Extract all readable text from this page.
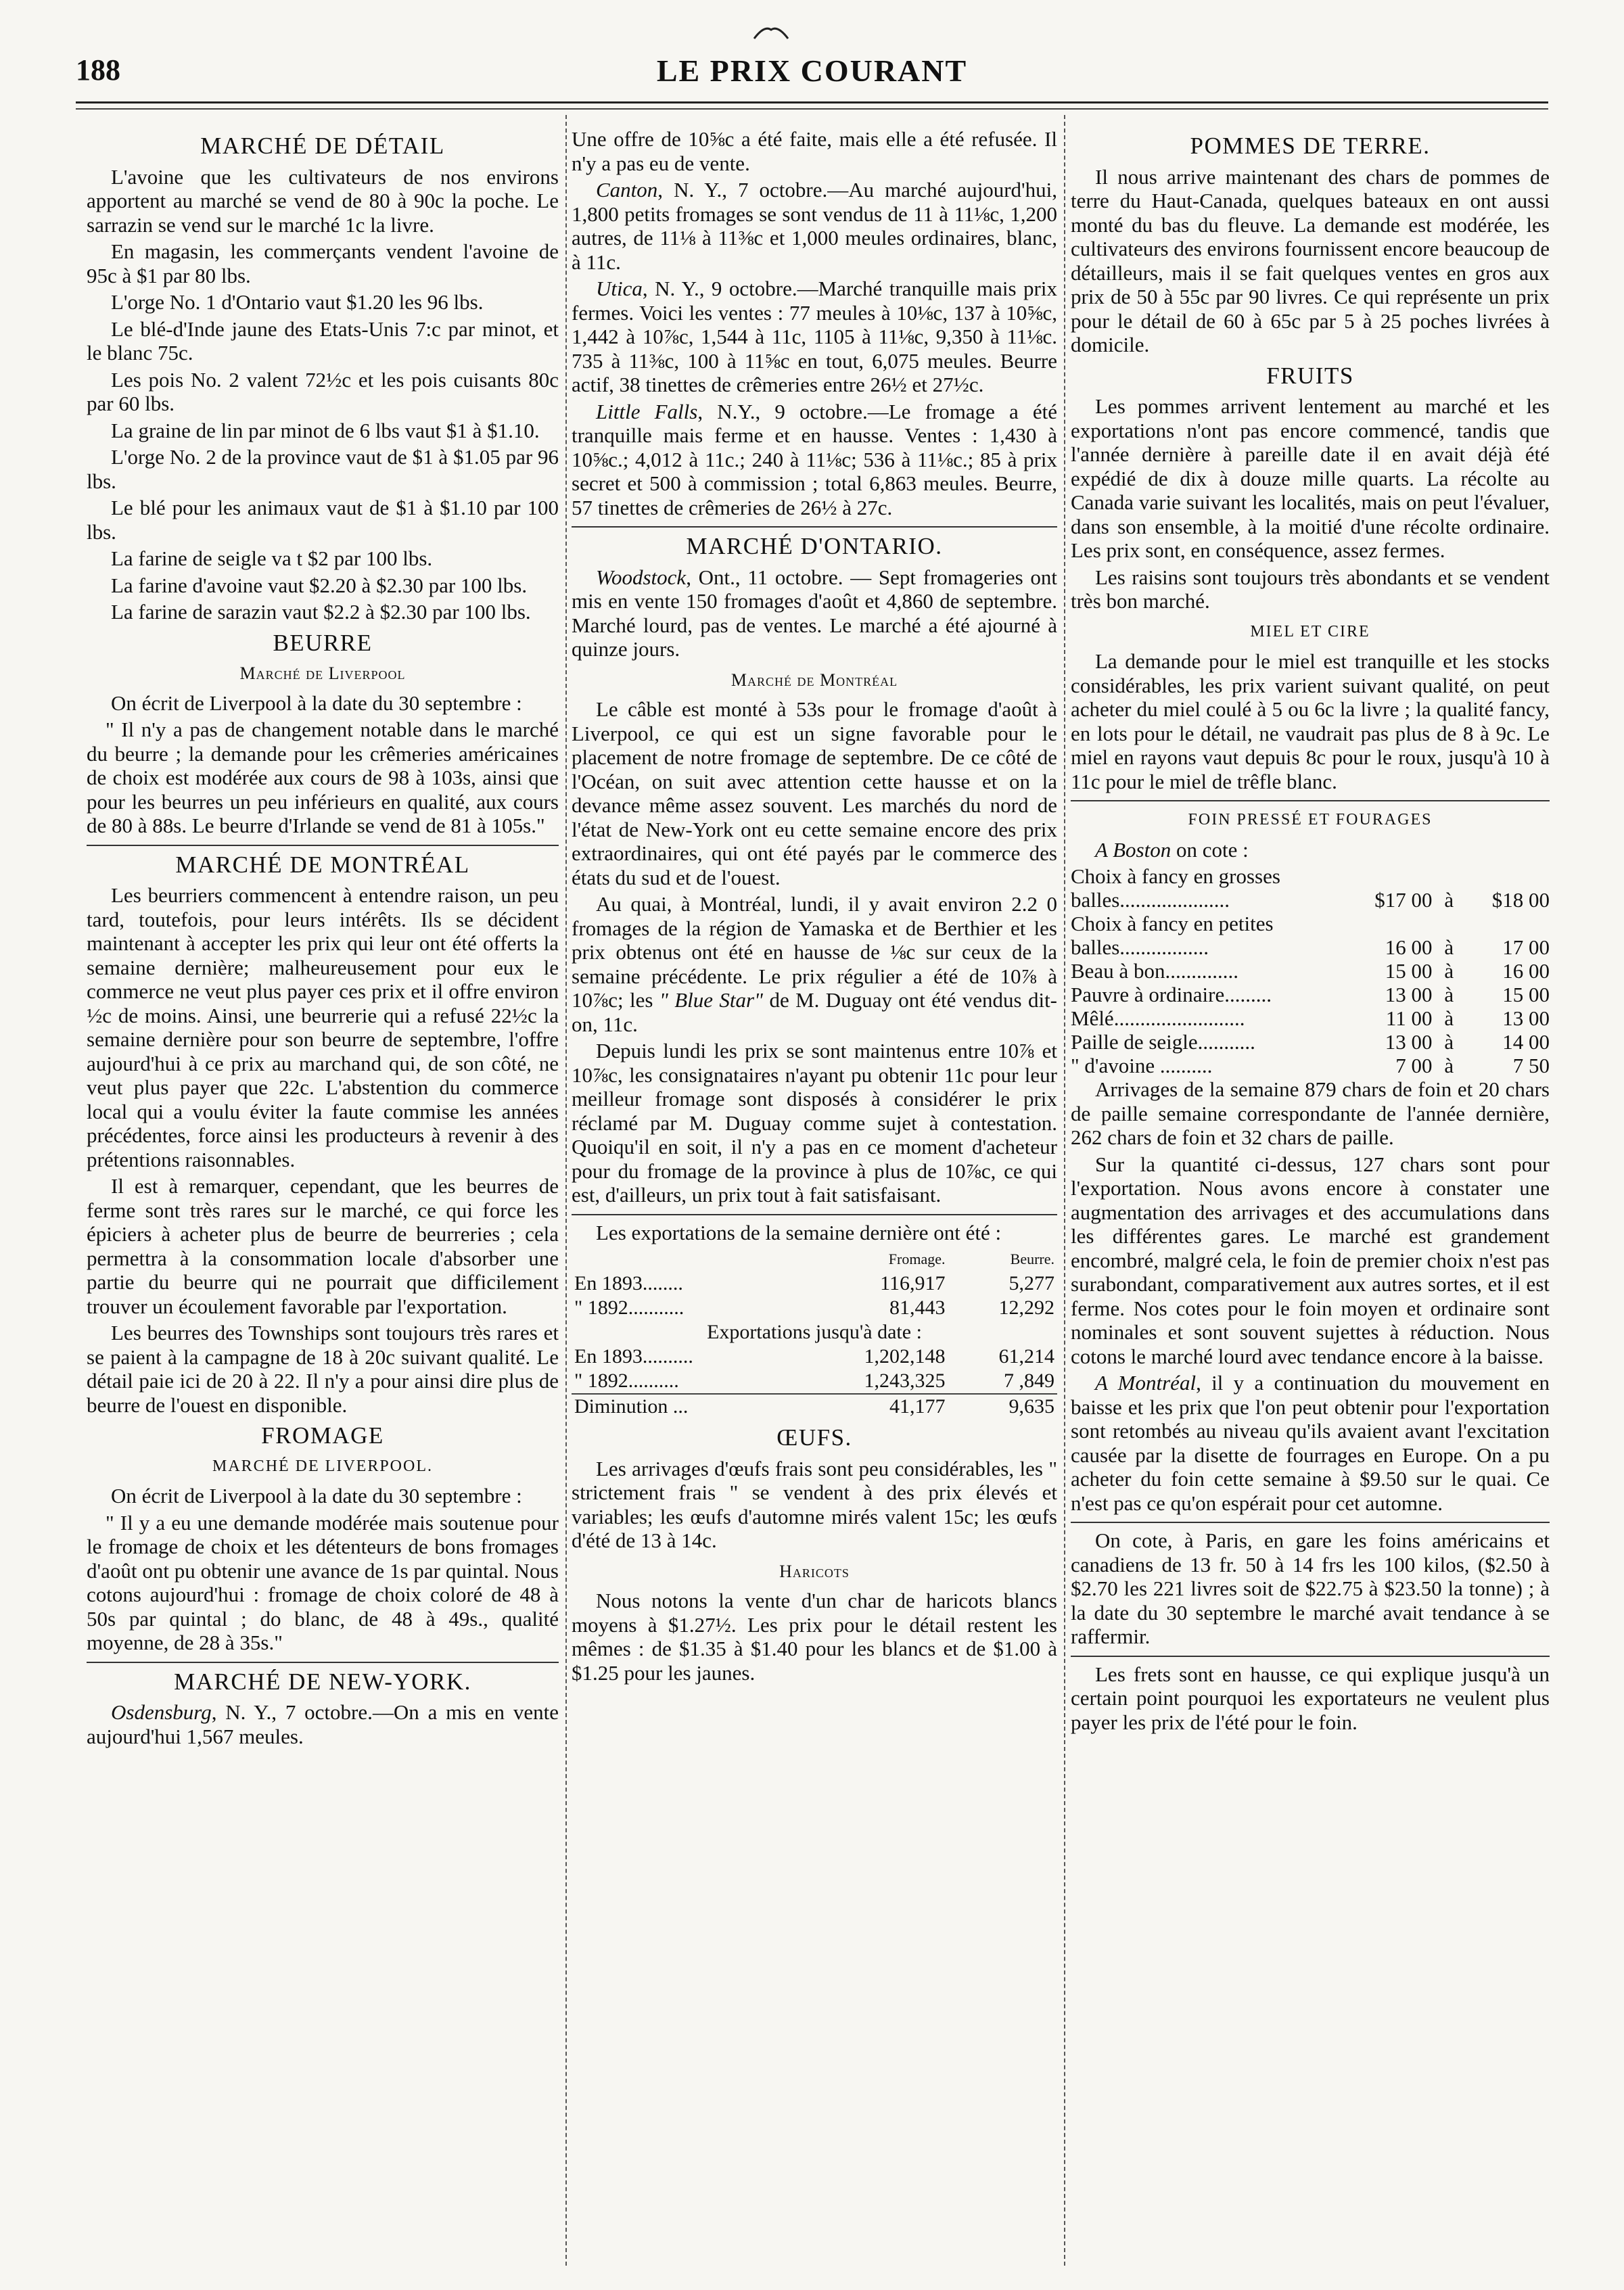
188	LE PRIX COURANT
MARCHÉ DE DÉTAIL

L'avoine que les cultivateurs de nos environs apportent au marché se vend de 80 à 90c la poche. Le sarrazin se vend sur le marché 1c la livre.

En magasin, les commerçants vendent l'avoine de 95c à $1 par 80 lbs.

L'orge No. 1 d'Ontario vaut $1.20 les 96 lbs.

Le blé-d'Inde jaune des Etats-Unis 7:c par minot, et le blanc 75c.

Les pois No. 2 valent 72½c et les pois cuisants 80c par 60 lbs.

La graine de lin par minot de 6 lbs vaut $1 à $1.10.

L'orge No. 2 de la province vaut de $1 à $1.05 par 96 lbs.

Le blé pour les animaux vaut de $1 à $1.10 par 100 lbs.

La farine de seigle va t $2 par 100 lbs.

La farine d'avoine vaut $2.20 à $2.30 par 100 lbs.

La farine de sarazin vaut $2.2 à $2.30 par 100 lbs.

BEURRE
Marché de Liverpool

On écrit de Liverpool à la date du 30 septembre :

" Il n'y a pas de changement notable dans le marché du beurre ; la demande pour les crêmeries américaines de choix est modérée aux cours de 98 à 103s, ainsi que pour les beurres un peu inférieurs en qualité, aux cours de 80 à 88s. Le beurre d'Irlande se vend de 81 à 105s."

MARCHÉ DE MONTRÉAL

Les beurriers commencent à entendre raison, un peu tard, toutefois, pour leurs intérêts. Ils se décident maintenant à accepter les prix qui leur ont été offerts la semaine dernière; malheureusement pour eux le commerce ne veut plus payer ces prix et il offre environ ½c de moins. Ainsi, une beurrerie qui a refusé 22½c la semaine dernière pour son beurre de septembre, l'offre aujourd'hui à ce prix au marchand qui, de son côté, ne veut plus payer que 22c. L'abstention du commerce local qui a voulu éviter la faute commise les années précédentes, force ainsi les producteurs à revenir à des prétentions raisonnables.

Il est à remarquer, cependant, que les beurres de ferme sont très rares sur le marché, ce qui force les épiciers à acheter plus de beurre de beurreries ; cela permettra à la consommation locale d'absorber une partie du beurre qui ne pourrait que difficilement trouver un écoulement favorable par l'exportation.

Les beurres des Townships sont toujours très rares et se paient à la campagne de 18 à 20c suivant qualité. Le détail paie ici de 20 à 22. Il n'y a pour ainsi dire plus de beurre de l'ouest en disponible.

FROMAGE
MARCHÉ DE LIVERPOOL.

On écrit de Liverpool à la date du 30 septembre :

" Il y a eu une demande modérée mais soutenue pour le fromage de choix et les détenteurs de bons fromages d'août ont pu obtenir une avance de 1s par quintal. Nous cotons aujourd'hui : fromage de choix coloré de 48 à 50s par quintal ; do blanc, de 48 à 49s., qualité moyenne, de 28 à 35s."

MARCHÉ DE NEW-YORK.

Osdensburg, N. Y., 7 octobre.—On a mis en vente aujourd'hui 1,567 meules.

Une offre de 10⅝c a été faite, mais elle a été refusée. Il n'y a pas eu de vente.

Canton, N. Y., 7 octobre.—Au marché aujourd'hui, 1,800 petits fromages se sont vendus de 11 à 11⅛c, 1,200 autres, de 11⅛ à 11⅜c et 1,000 meules ordinaires, blanc, à 11c.

Utica, N. Y., 9 octobre.—Marché tranquille mais prix fermes. Voici les ventes : 77 meules à 10⅛c, 137 à 10⅝c, 1,442 à 10⅞c, 1,544 à 11c, 1105 à 11⅛c, 9,350 à 11⅛c. 735 à 11⅜c, 100 à 11⅝c en tout, 6,075 meules. Beurre actif, 38 tinettes de crêmeries entre 26½ et 27½c.

Little Falls, N.Y., 9 octobre.—Le fromage a été tranquille mais ferme et en hausse. Ventes : 1,430 à 10⅝c.; 4,012 à 11c.; 240 à 11⅛c; 536 à 11⅛c.; 85 à prix secret et 500 à commission ; total 6,863 meules. Beurre, 57 tinettes de crêmeries de 26½ à 27c.

MARCHÉ D'ONTARIO.

Woodstock, Ont., 11 octobre. — Sept fromageries ont mis en vente 150 fromages d'août et 4,860 de septembre. Marché lourd, pas de ventes. Le marché a été ajourné à quinze jours.

Marché de Montréal

Le câble est monté à 53s pour le fromage d'août à Liverpool, ce qui est un signe favorable pour le placement de notre fromage de septembre. De ce côté de l'Océan, on suit avec attention cette hausse et on la devance même assez souvent. Les marchés du nord de l'état de New-York ont eu cette semaine encore des prix extraordinaires, qui ont été payés par le commerce des états du sud et de l'ouest.

Au quai, à Montréal, lundi, il y avait environ 2.2 0 fromages de la région de Yamaska et de Berthier et les prix obtenus ont été en hausse de ⅛c sur ceux de la semaine précédente. Le prix régulier a été de 10⅞ à 10⅞c; les " Blue Star" de M. Duguay ont été vendus dit-on, 11c.

Depuis lundi les prix se sont maintenus entre 10⅞ et 10⅞c, les consignataires n'ayant pu obtenir 11c pour leur meilleur fromage sont disposés à considérer le prix réclamé par M. Duguay comme sujet à contestation. Quoiqu'il en soit, il n'y a pas en ce moment d'acheteur pour du fromage de la province à plus de 10⅞c, ce qui est, d'ailleurs, un prix tout à fait satisfaisant.

Les exportations de la semaine dernière ont été :

	Fromage.	Beurre.
En 1893........	116,917	5,277
" 1892...........	81,443	12,292
Exportations jusqu'à date :		
En 1893..........	1,202,148	61,214
" 1892..........	1,243,325	7 ,849
Diminution ...	41,177	9,635
ŒUFS.

Les arrivages d'œufs frais sont peu considérables, les " strictement frais " se vendent à des prix élevés et variables; les œufs d'automne mirés valent 15c; les œufs d'été de 13 à 14c.

Haricots

Nous notons la vente d'un char de haricots blancs moyens à $1.27½. Les prix pour le détail restent les mêmes : de $1.35 à $1.40 pour les blancs et de $1.00 à $1.25 pour les jaunes.

POMMES DE TERRE.

Il nous arrive maintenant des chars de pommes de terre du Haut-Canada, quelques bateaux en ont aussi monté du bas du fleuve. La demande est modérée, les cultivateurs des environs fournissent encore beaucoup de détailleurs, mais il se fait quelques ventes en gros aux prix de 50 à 55c par 90 livres. Ce qui représente un prix pour le détail de 60 à 65c par 5 à 25 poches livrées à domicile.

FRUITS

Les pommes arrivent lentement au marché et les exportations n'ont pas encore commencé, tandis que l'année dernière à pareille date il en avait déjà été expédié de dix à douze mille quarts. La récolte au Canada varie suivant les localités, mais on peut l'évaluer, dans son ensemble, à la moitié d'une récolte ordinaire. Les prix sont, en conséquence, assez fermes.

Les raisins sont toujours très abondants et se vendent très bon marché.

MIEL ET CIRE

La demande pour le miel est tranquille et les stocks considérables, les prix varient suivant qualité, on peut acheter du miel coulé à 5 ou 6c la livre ; la qualité fancy, en lots pour le détail, ne vaudrait pas plus de 8 à 9c. Le miel en rayons vaut depuis 8c pour le roux, jusqu'à 10 à 11c pour le miel de trêfle blanc.

FOIN PRESSÉ ET FOURAGES

A Boston on cote :

Choix à fancy en grosses			
balles.....................	$17 00	à	$18 00
Choix à fancy en petites			
balles.................	16 00	à	17 00
Beau à bon..............	15 00	à	16 00
Pauvre à ordinaire.........	13 00	à	15 00
Mêlé.........................	11 00	à	13 00
Paille de seigle...........	13 00	à	14 00
" d'avoine ..........	7 00	à	7 50

Arrivages de la semaine 879 chars de foin et 20 chars de paille semaine correspondante de l'année dernière, 262 chars de foin et 32 chars de paille.

Sur la quantité ci-dessus, 127 chars sont pour l'exportation. Nous avons encore à constater une augmentation des arrivages et des accumulations dans les différentes gares. Le marché est grandement encombré, malgré cela, le foin de premier choix n'est pas surabondant, comparativement aux autres sortes, et il est ferme. Nos cotes pour le foin moyen et ordinaire sont nominales et sont souvent sujettes à réduction. Nous cotons le marché lourd avec tendance encore à la baisse.

A Montréal, il y a continuation du mouvement en baisse et les prix que l'on peut obtenir pour l'exportation sont retombés au niveau qu'ils avaient avant l'excitation causée par la disette de fourrages en Europe. On a pu acheter du foin cette semaine à $9.50 sur le quai. Ce n'est pas ce qu'on espérait pour cet automne.

On cote, à Paris, en gare les foins américains et canadiens de 13 fr. 50 à 14 frs les 100 kilos, ($2.50 à $2.70 les 221 livres soit de $22.75 à $23.50 la tonne) ; à la date du 30 septembre le marché avait tendance à se raffermir.

Les frets sont en hausse, ce qui explique jusqu'à un certain point pourquoi les exportateurs ne veulent plus payer les prix de l'été pour le foin.
